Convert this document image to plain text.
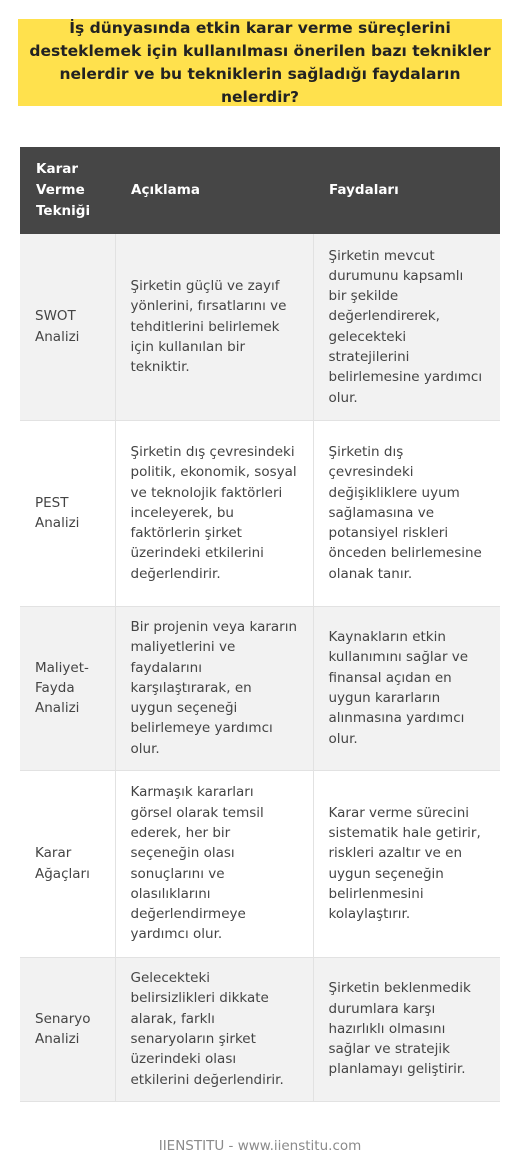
İş dünyasında etkin karar verme süreçlerini desteklemek için kullanılması önerilen bazı teknikler nelerdir ve bu tekniklerin sağladığı faydaların nelerdir?
Karar Verme Tekniği	Açıklama	Faydaları
SWOT Analizi	Şirketin güçlü ve zayıf yönlerini, fırsatlarını ve tehditlerini belirlemek için kullanılan bir tekniktir.	Şirketin mevcut durumunu kapsamlı bir şekilde değerlendirerek, gelecekteki stratejilerini belirlemesine yardımcı olur.
PEST Analizi	Şirketin dış çevresindeki politik, ekonomik, sosyal ve teknolojik faktörleri inceleyerek, bu faktörlerin şirket üzerindeki etkilerini değerlendirir.	Şirketin dış çevresindeki değişikliklere uyum sağlamasına ve potansiyel riskleri önceden belirlemesine olanak tanır.
Maliyet-Fayda Analizi	Bir projenin veya kararın maliyetlerini ve faydalarını karşılaştırarak, en uygun seçeneği belirlemeye yardımcı olur.	Kaynakların etkin kullanımını sağlar ve finansal açıdan en uygun kararların alınmasına yardımcı olur.
Karar Ağaçları	Karmaşık kararları görsel olarak temsil ederek, her bir seçeneğin olası sonuçlarını ve olasılıklarını değerlendirmeye yardımcı olur.	Karar verme sürecini sistematik hale getirir, riskleri azaltır ve en uygun seçeneğin belirlenmesini kolaylaştırır.
Senaryo Analizi	Gelecekteki belirsizlikleri dikkate alarak, farklı senaryoların şirket üzerindeki olası etkilerini değerlendirir.	Şirketin beklenmedik durumlara karşı hazırlıklı olmasını sağlar ve stratejik planlamayı geliştirir.
IIENSTITU - www.iienstitu.com
